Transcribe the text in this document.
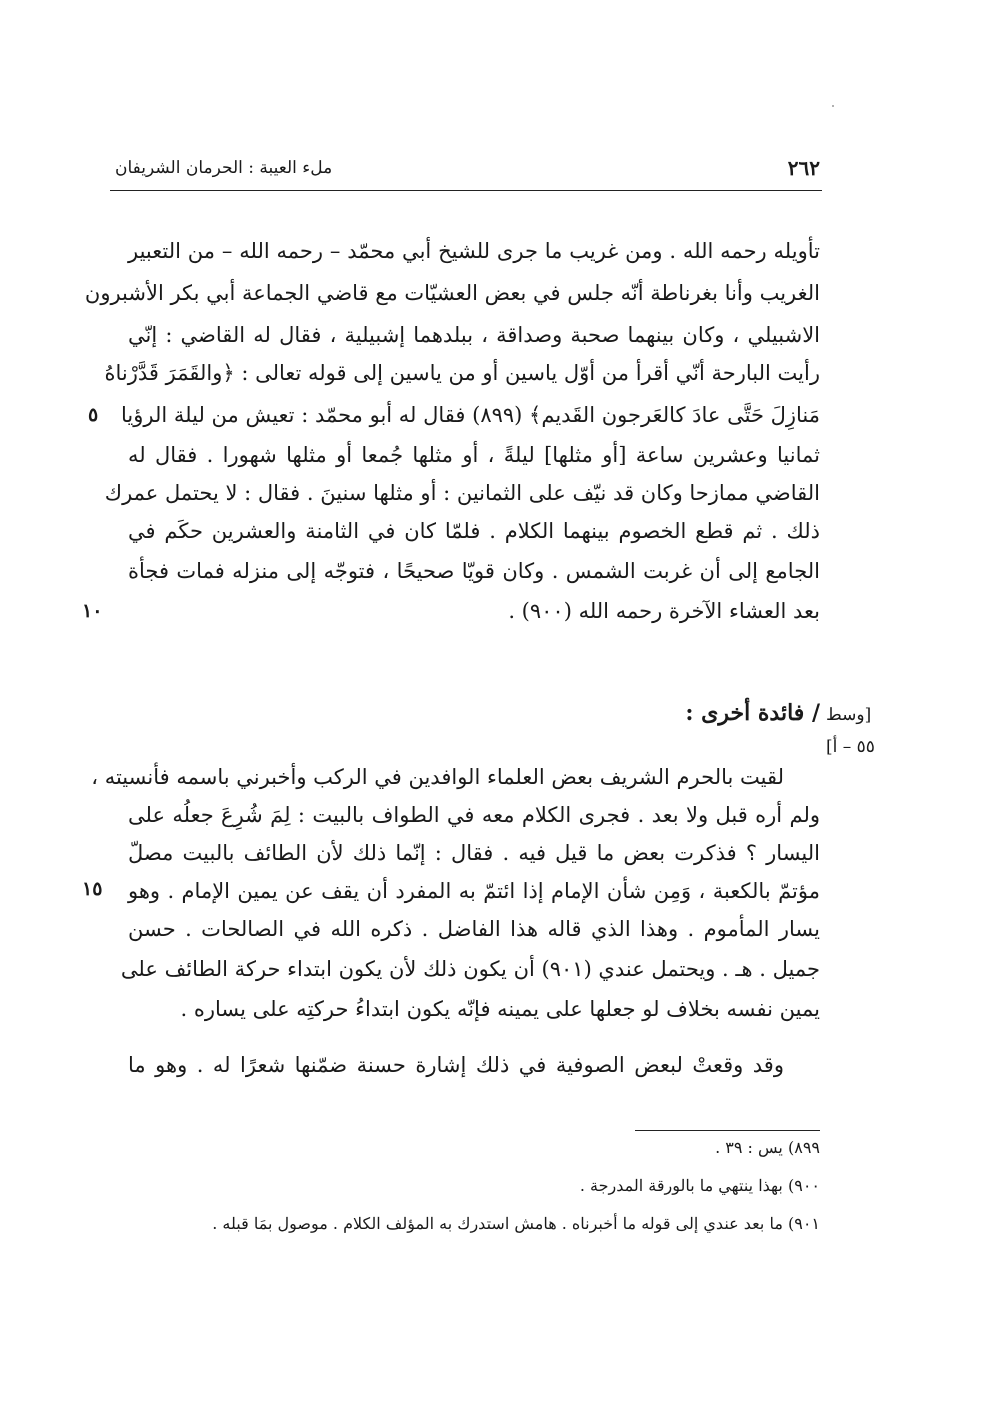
٢٦٢
ملء العيبة : الحرمان الشريفان
تأويله رحمه الله . ومن غريب ما جرى للشيخ أبي محمّد – رحمه الله – من التعبير
الغريب وأنا بغرناطة أنّه جلس في بعض العشيّات مع قاضي الجماعة أبي بكر الأشبرون
الاشبيلي ، وكان بينهما صحبة وصداقة ، ببلدهما إشبيلية ، فقال له القاضي : إنّي
رأيت البارحة أنّي أقرأ من أوّل ياسين أو من ياسين إلى قوله تعالى : ﴿والقَمَرَ قَدَّرْناهُ
مَنازِلَ حَتَّى عادَ كالعَرجون القَديم﴾ (٨٩٩) فقال له أبو محمّد : تعيش من ليلة الرؤيا
ثمانيا وعشرين ساعة [أو مثلها] ليلةً ، أو مثلها جُمعا أو مثلها شهورا . فقال له
القاضي ممازحا وكان قد نيّف على الثمانين : أو مثلها سنينَ . فقال : لا يحتمل عمرك
ذلك . ثم قطع الخصوم بينهما الكلام . فلمّا كان في الثامنة والعشرين حكَم في
الجامع إلى أن غربت الشمس . وكان قويّا صحيحًا ، فتوجّه إلى منزله فمات فجأة
بعد العشاء الآخرة رحمه الله (٩٠٠) .
٥
١٠
/ فائدة أخرى : [وسط
٥٥ – أ]
لقيت بالحرم الشريف بعض العلماء الوافدين في الركب وأخبرني باسمه فأنسيته ،
ولم أره قبل ولا بعد . فجرى الكلام معه في الطواف بالبيت : لِمَ شُرِعَ جعلُه على
اليسار ؟ فذكرت بعض ما قيل فيه . فقال : إنّما ذلك لأن الطائف بالبيت مصلّ
مؤتمّ بالكعبة ، وَمِن شأن الإمام إذا ائتمّ به المفرد أن يقف عن يمين الإمام . وهو
يسار المأموم . وهذا الذي قاله هذا الفاضل . ذكره الله في الصالحات . حسن
جميل . هـ . ويحتمل عندي (٩٠١) أن يكون ذلك لأن يكون ابتداء حركة الطائف على
يمين نفسه بخلاف لو جعلها على يمينه فإنّه يكون ابتداءُ حركتِه على يساره .
١٥
وقد وقعتْ لبعض الصوفية في ذلك إشارة حسنة ضمّنها شعرًا له . وهو ما
٨٩٩) يس : ٣٩ .
٩٠٠) بهذا ينتهي ما بالورقة المدرجة .
٩٠١) ما بعد عندي إلى قوله ما أخبرناه . هامش استدرك به المؤلف الكلام . موصول بمَا قبله .
